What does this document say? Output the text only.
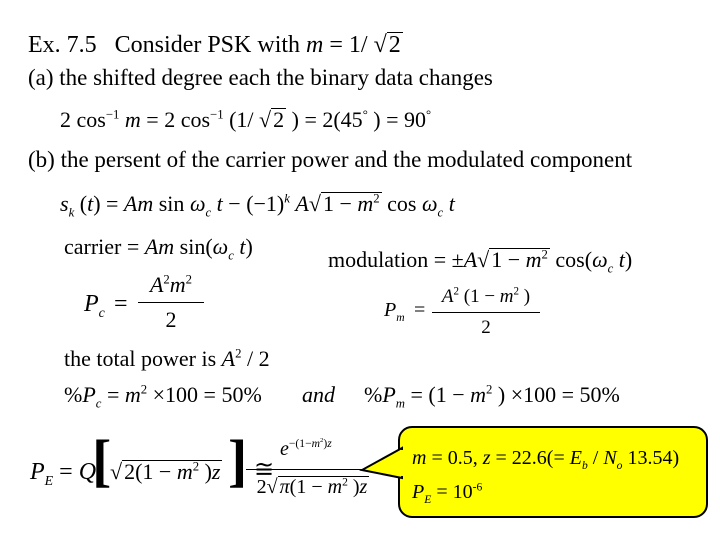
Ex. 7.5 Consider PSK with m = 1/ √2
(a) the shifted degree each the binary data changes
2 $\cos^{-1} m = 2$ $\cos^{-1} (1/$ √2 ) = 2(45° ) = 90°
(b) the persent of the carrier power and the modulated component
$s_k$ (t) = Am $\sin \omega_c$ $t - (-1)^k$ $A√1 - m^2$ $\cos \omega_c$ t
carrier = Am $\sin(\omega_c$ t)
modulation = $\pm A√1 - m^2$ $\cos(\omega_c$ t)
$P_c = \frac{A^2m^2}{2}$	$P_m = \frac{A^2 (1 - m^2 )}{2}$
the total power is $A^2 / 2$
$\%P_c = m^2 \times 100 = 50\%$ and $\%P_m = (1 - m^2$ ) ×100 = 50%
$P_E = Q$
[
$√2(1 - m^2$ )z ] ≅
$\frac{e^{-(1-m^2)z}}{2√ \pi(1 - m^2 )z}$ m = 0.5, $z = 22.6(= E_b / N_o$ 13.54)
$P_E = 10^{-6}$
